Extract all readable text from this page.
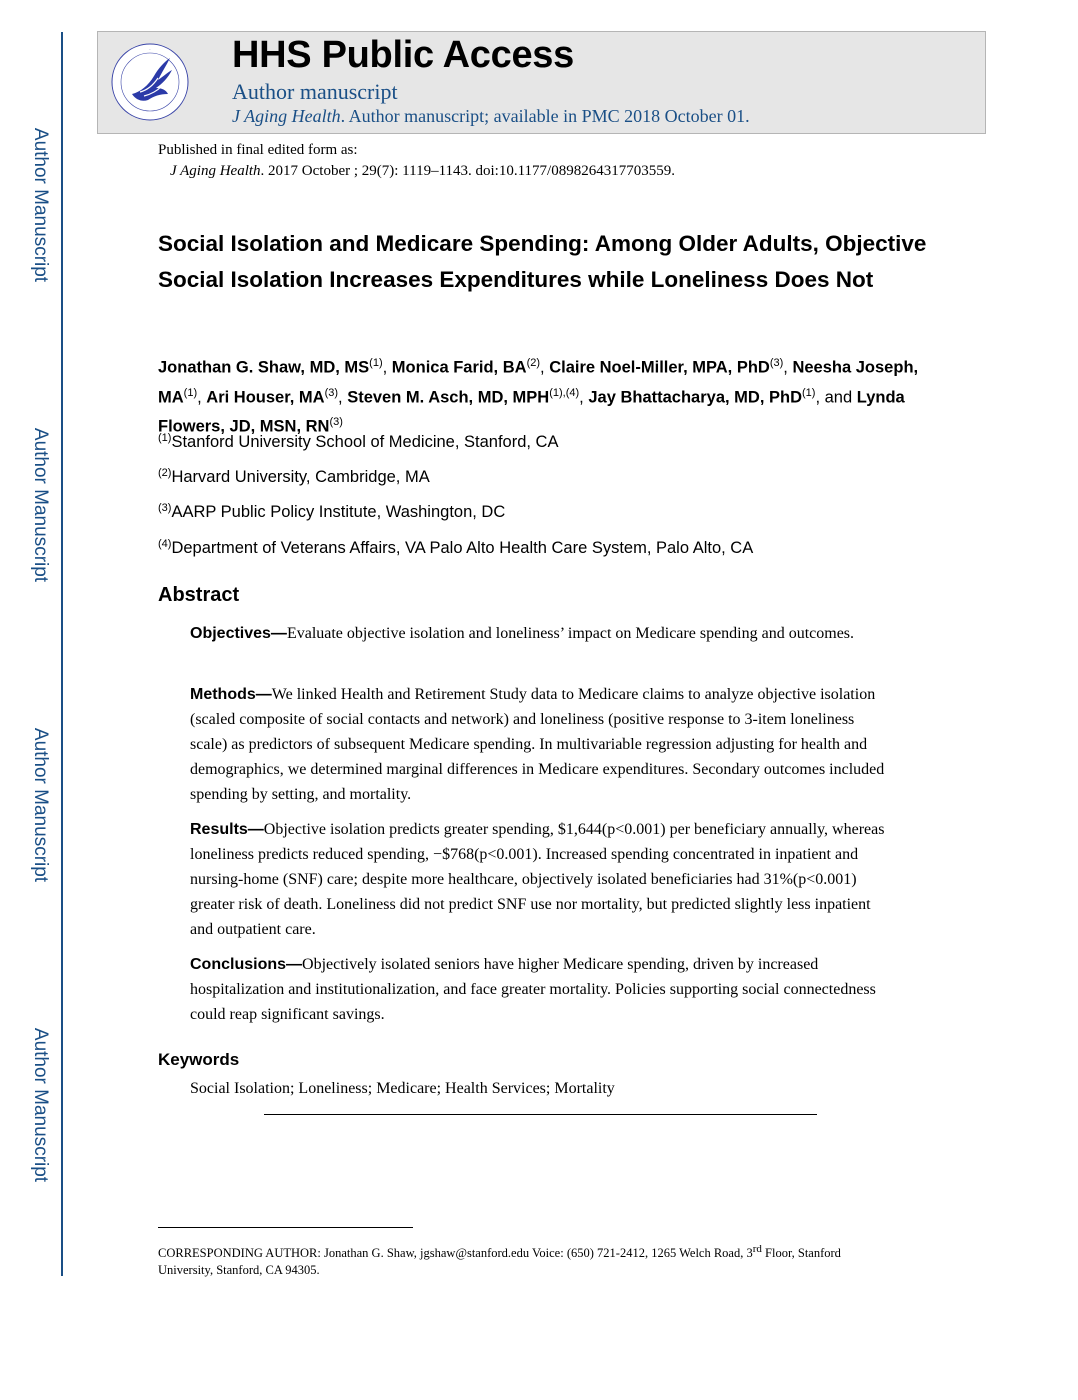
Author Manuscript
Author Manuscript
Author Manuscript
Author Manuscript
· HHS Public Access
Author manuscript
J Aging Health. Author manuscript; available in PMC 2018 October 01.
Published in final edited form as:
J Aging Health. 2017 October ; 29(7): 1119–1143. doi:10.1177/0898264317703559.
Social Isolation and Medicare Spending: Among Older Adults, Objective Social Isolation Increases Expenditures while Loneliness Does Not
Jonathan G. Shaw, MD, MS$^{(1)}$, Monica Farid, BA$^{(2)}$, Claire Noel-Miller, MPA, PhD$^{(3)}$, Neesha Joseph, MA$^{(1)}$, Ari Houser, MA$^{(3)}$, Steven M. Asch, MD, $MPH^{(1),(4)}$, Jay Bhattacharya, MD, PhD$^{(1)}$, and Lynda Flowers, JD, MSN, RN$^{(3)}$
$^{(1)}$Stanford University School of Medicine, Stanford, CA
$^{(2)}$Harvard University, Cambridge, MA
$^{(3)}$AARP Public Policy Institute, Washington, DC
$^{(4)}$Department of Veterans Affairs, VA Palo Alto Health Care System, Palo Alto, CA
Abstract
Objectives—Evaluate objective isolation and loneliness’ impact on Medicare spending and outcomes.
Methods—We linked Health and Retirement Study data to Medicare claims to analyze objective isolation (scaled composite of social contacts and network) and loneliness (positive response to 3-item loneliness scale) as predictors of subsequent Medicare spending. In multivariable regression adjusting for health and demographics, we determined marginal differences in Medicare expenditures. Secondary outcomes included spending by setting, and mortality.
Results—Objective isolation predicts greater spending, $1,644(p<0.001) per beneficiary annually, whereas loneliness predicts reduced spending, −$768(p<0.001). Increased spending concentrated in inpatient and nursing-home (SNF) care; despite more healthcare, objectively isolated beneficiaries had 31%(p<0.001) greater risk of death. Loneliness did not predict SNF use nor mortality, but predicted slightly less inpatient and outpatient care.
Conclusions—Objectively isolated seniors have higher Medicare spending, driven by increased hospitalization and institutionalization, and face greater mortality. Policies supporting social connectedness could reap significant savings.
Keywords
Social Isolation; Loneliness; Medicare; Health Services; Mortality
CORRESPONDING AUTHOR: Jonathan G. Shaw, jgshaw@stanford.edu Voice: (650) 721-2412, 1265 Welch Road, 3rd Floor, Stanford University, Stanford, CA 94305.
